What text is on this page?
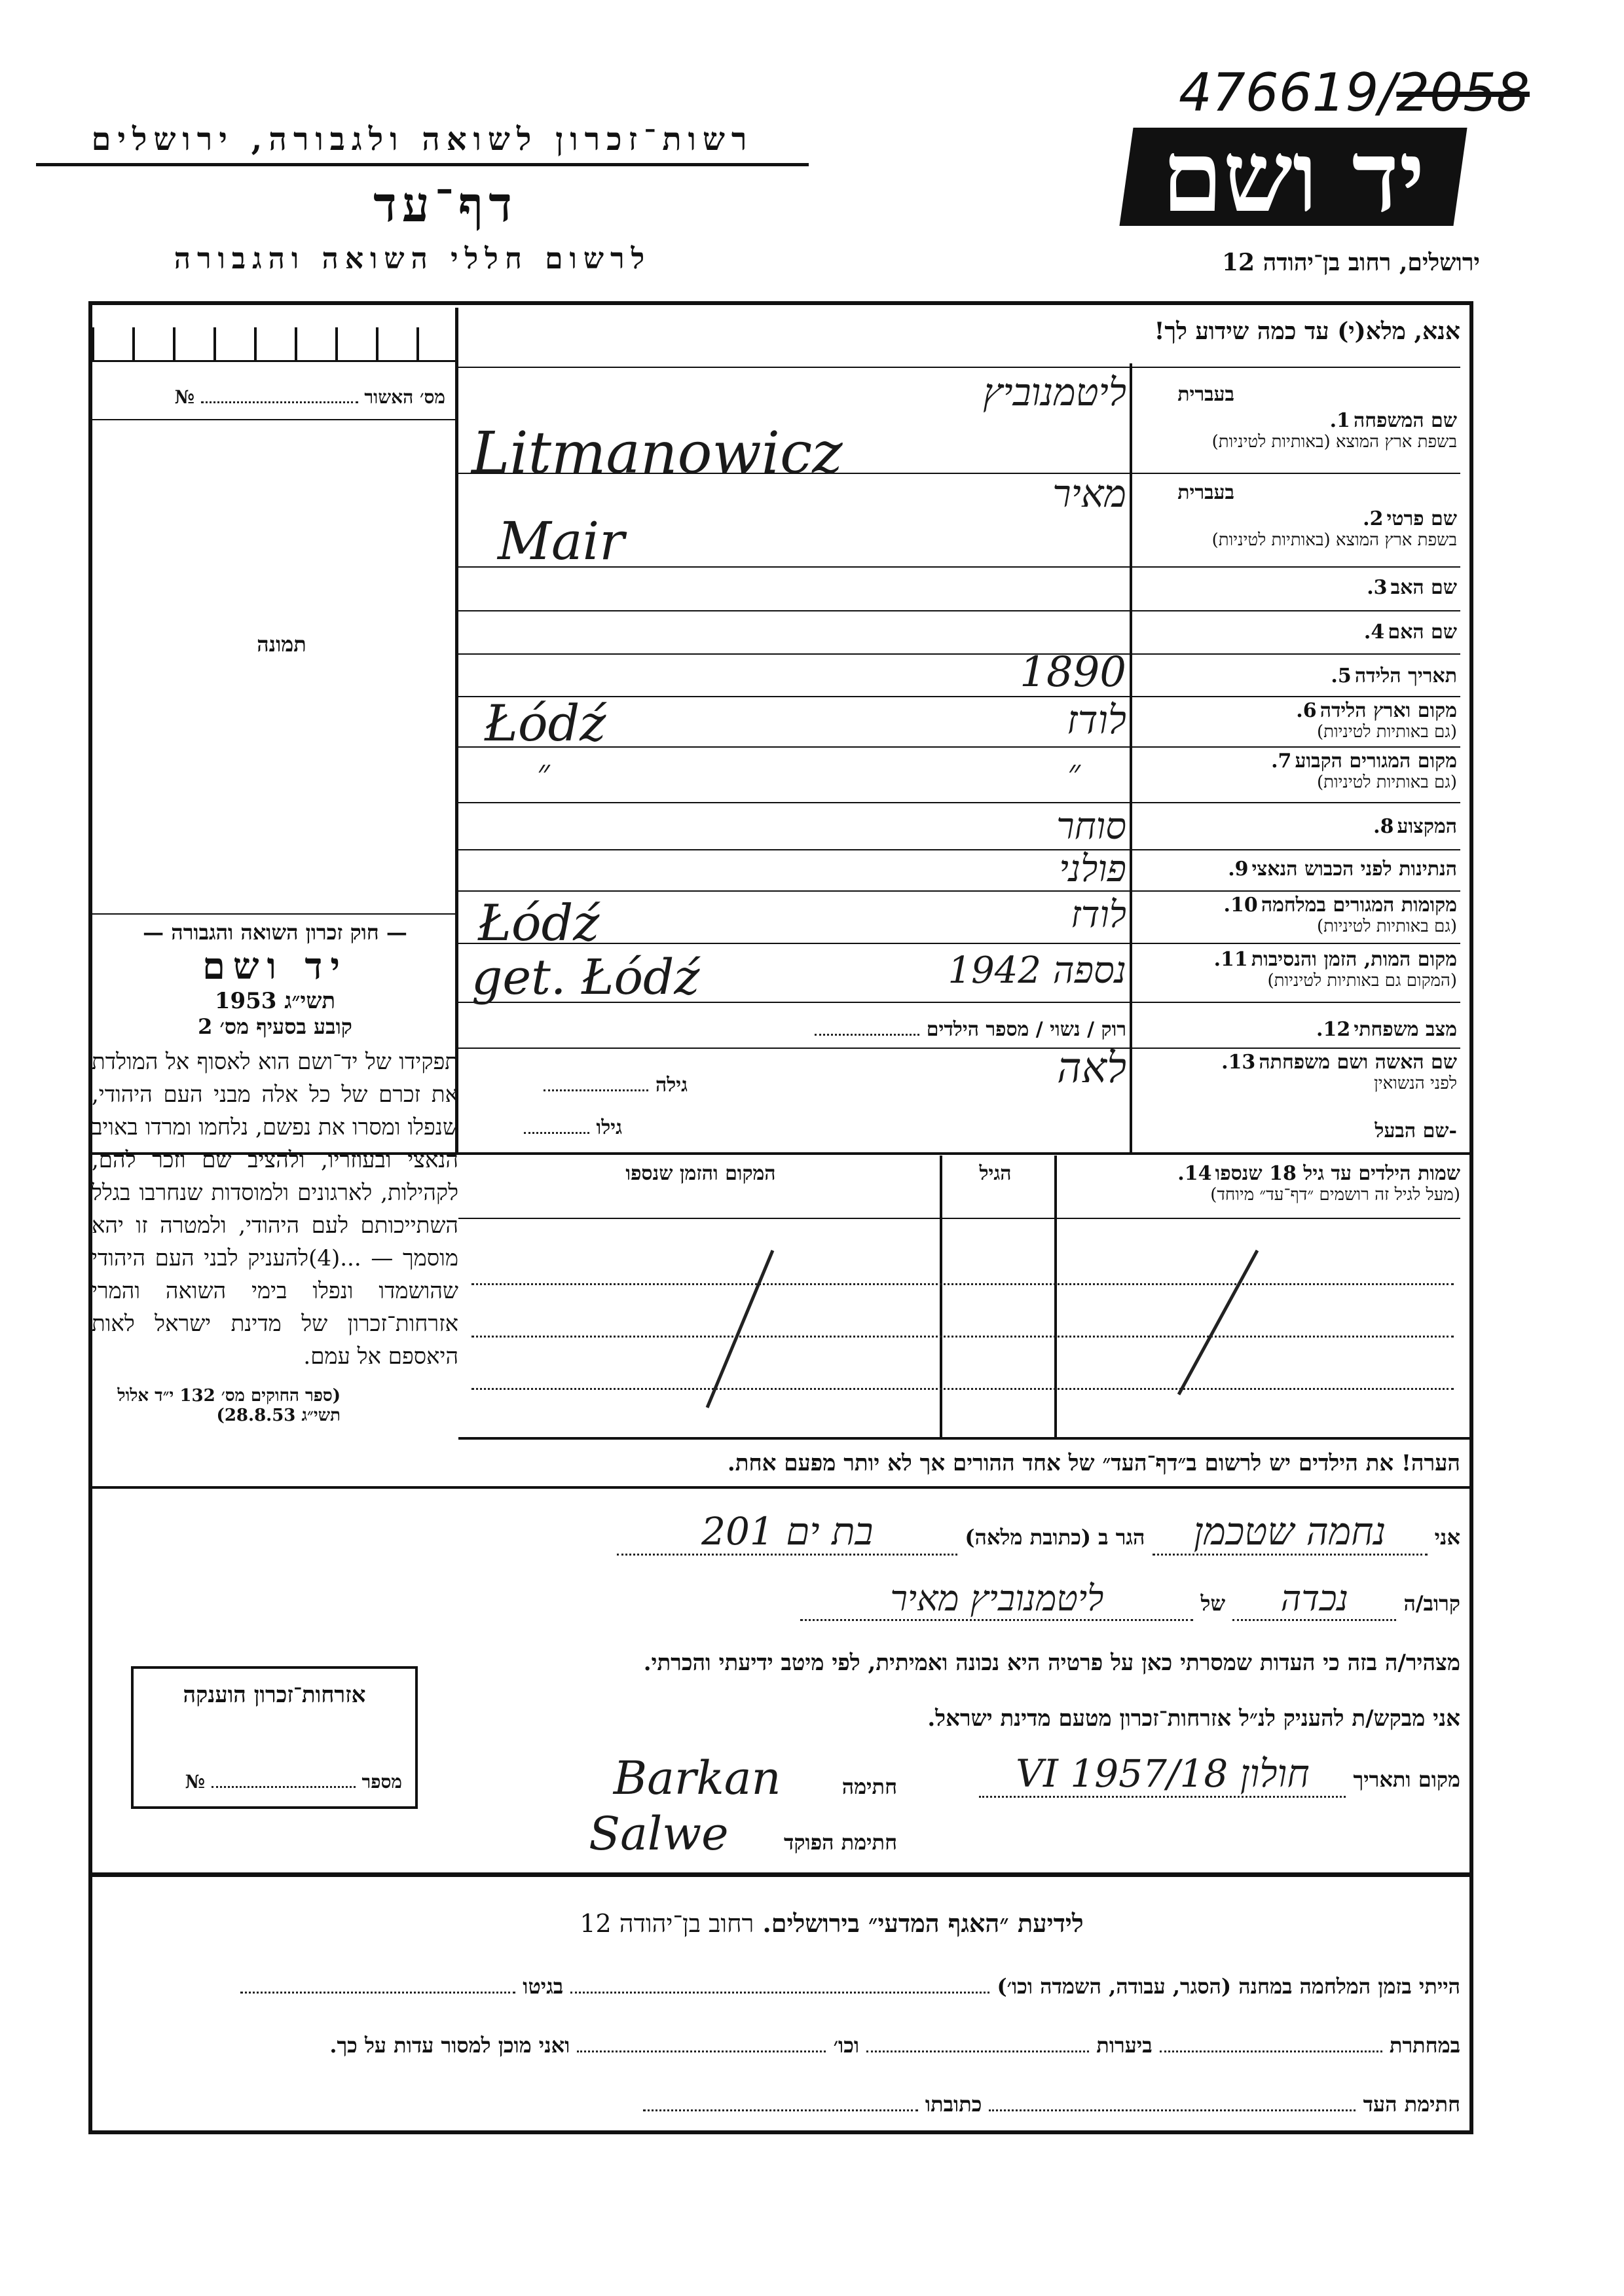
476619/2058
רשות־זכרון לשואה ולגבורה, ירושלים
דף־עד
לרשום חללי השואה והגבורה
יד ושם
ירושלים, רחוב בן־יהודה 12
אנא, מלא(י) עד כמה שידוע לך!
מס׳ האשור  №
תמונה
בעברית
שם המשפחה 1.
בשפת ארץ המוצא (באותיות לטיניות)
ליטמנוביץ
Litmanowicz
בעברית
שם פרטי 2.
בשפת ארץ המוצא (באותיות לטיניות)
מאיר
Mair
שם האב 3.
שם האם 4.
תאריך הלידה 5.
1890
מקום וארץ הלידה 6.
(גם באותיות לטיניות)
לודז
Łódź
מקום המגורים הקבוע 7.
(גם באותיות לטיניות)
״
״
המקצוע 8.
סוחר
הנתינות לפני הכבוש הנאצי 9.
פולני
מקומות המגורים במלחמה 10.
(גם באותיות לטיניות)
לודז
Łódź
מקום המות, הזמן והנסיבות 11.
(המקום גם באותיות לטיניות)
נספה 1942
get. Łódź
מצב משפחתי 12.
רוק / נשוי / מספר הילדים
שם האשה ושם משפחתה 13.
לפני הנשואין
לאה
גילה
-שם הבעל
גילו
— חוק זכרון השואה והגבורה —
יד ושם
תשי״ג 1953
קובע בסעיף מס׳ 2
תפקידו של יד־ושם הוא לאסוף אל המולדת את זכרם של כל אלה מבני העם היהודי, שנפלו ומסרו את נפשם, נלחמו ומרדו באויב הנאצי ובעוזריו, ולהציב שם וזכר להם, לקהילות, לארגונים ולמוסדות שנחרבו בגלל השתייכותם לעם היהודי, ולמטרה זו יהא מוסמך — ...(4)להעניק לבני העם היהודי שהושמדו ונפלו בימי השואה והמרי אזרחות־זכרון של מדינת ישראל לאות היאספם אל עמם.
(ספר החוקים מס׳ 132 י״ד אלול תשי״ג 28.8.53)
שמות הילדים עד גיל 18 שנספו 14.
(מעל לגיל זה רושמים ״דף־עד״ מיוחד)
הגיל
המקום והזמן שנספו
הערה! את הילדים יש לרשום ב״דף־העד״ של אחד ההורים אך לא יותר מפעם אחת.
אני נחמה שטכמן הגר ב (כתובת מלאה) בת ים 201
קרוב/ה נכדה של ליטמנוביץ מאיר
מצהיר/ה בזה כי העדות שמסרתי כאן על פרטיה היא נכונה ואמיתית, לפי מיטב ידיעתי והכרתי.
אני מבקש/ת להעניק לנ״ל אזרחות־זכרון מטעם מדינת ישראל.
מקום ותאריך חולון 18/VI 1957
חתימה Barkan
חתימת הפוקד Salwe
אזרחות־זכרון הוענקה
מספר  №
לידיעת ״האגף המדעי״ בירושלים. רחוב בן־יהודה 12
הייתי בזמן המלחמה במחנה (הסגר, עבודה, השמדה וכו׳)  בגיטו
במחתרת  ביערות  וכו׳  ואני מוכן למסור עדות על כך.
חתימת העד  כתובתו
